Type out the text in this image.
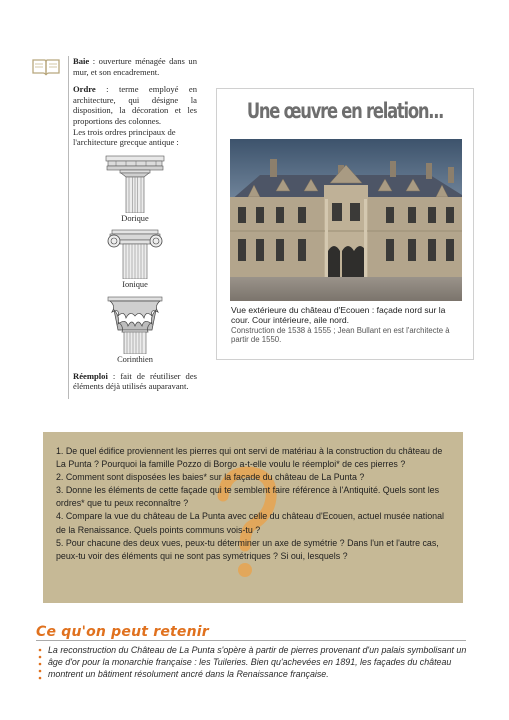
Baie : ouverture ménagée dans un mur, et son encadrement.

Ordre : terme employé en architecture, qui désigne la disposition, la décoration et les proportions des colonnes.

Les trois ordres principaux de l'architecture grecque antique :

Dorique
Ionique
Corinthien

Réemploi : fait de réutiliser des éléments déjà utilisés auparavant.

Une œuvre en relation...
Vue extérieure du château d'Ecouen : façade nord sur la cour. Cour intérieure, aile nord.
Construction de 1538 à 1555 ; Jean Bullant en est l'architecte à partir de 1550.
1. De quel édifice proviennent les pierres qui ont servi de matériau à la construction du château de La Punta ? Pourquoi la famille Pozzo di Borgo a-t-elle voulu le réemploi* de ces pierres ?
2. Comment sont disposées les baies* sur la façade du château de La Punta ?
3. Donne les éléments de cette façade qui te semblent faire référence à l'Antiquité. Quels sont les ordres* que tu peux reconnaître ?
4. Compare la vue du château de La Punta avec celle du château d'Ecouen, actuel musée national de la Renaissance. Quels points communs vois-tu ?
5. Pour chacune des deux vues, peux-tu déterminer un axe de symétrie ? Dans l'un et l'autre cas, peux-tu voir des éléments qui ne sont pas symétriques ? Si oui, lesquels ?
Ce qu'on peut retenir

La reconstruction du Château de La Punta s'opère à partir de pierres provenant d'un palais symbolisant un âge d'or pour la monarchie française : les Tuileries. Bien qu'achevées en 1891, les façades du château montrent un bâtiment résolument ancré dans la Renaissance française.
